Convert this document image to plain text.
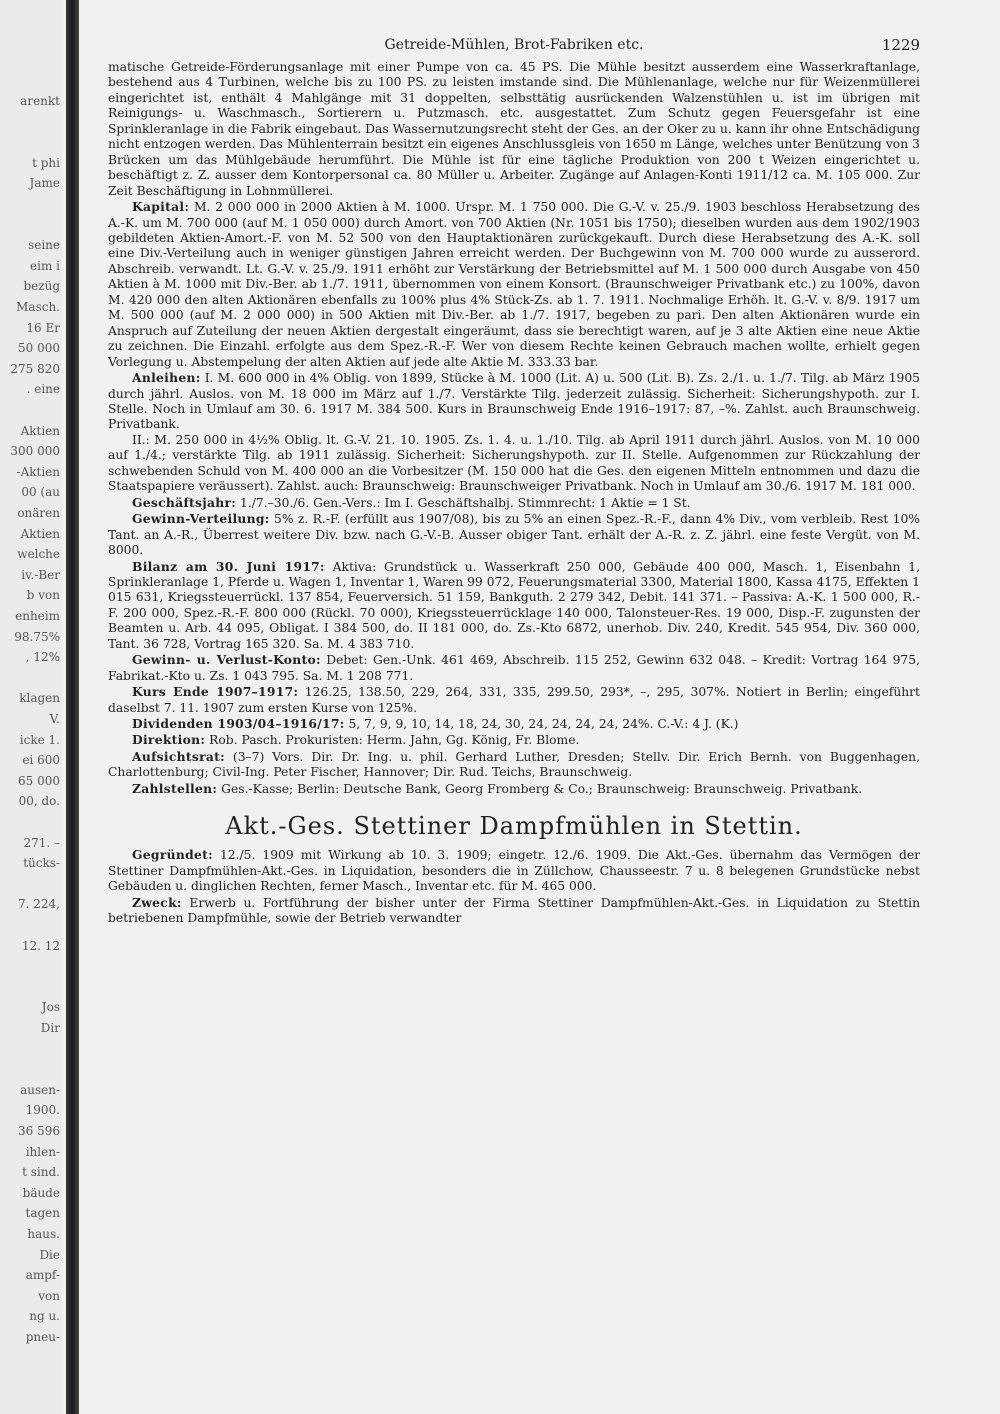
arenkt
t phi
Jame
seine
eim i
bezüg
Masch.
16 Er
50 000
275 820
. eine
Aktien
300 000
-Aktien
00 (au
onären
Aktien
welche
iv.-Ber
b von
enheim
98.75%
, 12%
klagen
V.
icke 1.
ei 600
65 000
00, do.
271. –
tücks-
7. 224,
12. 12
Jos
Dir
ausen-
1900.
36 596
ihlen-
t sind.
bäude
tagen
haus.
Die
ampf-
von
ng u.
pneu-
Getreide-Mühlen, Brot-Fabriken etc.	1229

matische Getreide-Förderungsanlage mit einer Pumpe von ca. 45 PS. Die Mühle besitzt ausserdem eine Wasserkraftanlage, bestehend aus 4 Turbinen, welche bis zu 100 PS. zu leisten imstande sind. Die Mühlenanlage, welche nur für Weizenmüllerei eingerichtet ist, enthält 4 Mahlgänge mit 31 doppelten, selbsttätig ausrückenden Walzenstühlen u. ist im übrigen mit Reinigungs- u. Waschmasch., Sortierern u. Putzmasch. etc. ausgestattet. Zum Schutz gegen Feuersgefahr ist eine Sprinkleranlage in die Fabrik eingebaut. Das Wassernutzungsrecht steht der Ges. an der Oker zu u. kann ihr ohne Entschädigung nicht entzogen werden. Das Mühlenterrain besitzt ein eigenes Anschlussgleis von 1650 m Länge, welches unter Benützung von 3 Brücken um das Mühlgebäude herumführt. Die Mühle ist für eine tägliche Produktion von 200 t Weizen eingerichtet u. beschäftigt z. Z. ausser dem Kontorpersonal ca. 80 Müller u. Arbeiter. Zugänge auf Anlagen-Konti 1911/12 ca. M. 105 000. Zur Zeit Beschäftigung in Lohnmüllerei.

Kapital: M. 2 000 000 in 2000 Aktien à M. 1000. Urspr. M. 1 750 000. Die G.-V. v. 25./9. 1903 beschloss Herabsetzung des A.-K. um M. 700 000 (auf M. 1 050 000) durch Amort. von 700 Aktien (Nr. 1051 bis 1750); dieselben wurden aus dem 1902/1903 gebildeten Aktien-Amort.-F. von M. 52 500 von den Hauptaktionären zurückgekauft. Durch diese Herabsetzung des A.-K. soll eine Div.-Verteilung auch in weniger günstigen Jahren erreicht werden. Der Buchgewinn von M. 700 000 wurde zu ausserord. Abschreib. verwandt. Lt. G.-V. v. 25./9. 1911 erhöht zur Verstärkung der Betriebsmittel auf M. 1 500 000 durch Ausgabe von 450 Aktien à M. 1000 mit Div.-Ber. ab 1./7. 1911, übernommen von einem Konsort. (Braunschweiger Privatbank etc.) zu 100%, davon M. 420 000 den alten Aktionären ebenfalls zu 100% plus 4% Stück-Zs. ab 1. 7. 1911. Nochmalige Erhöh. lt. G.-V. v. 8/9. 1917 um M. 500 000 (auf M. 2 000 000) in 500 Aktien mit Div.-Ber. ab 1./7. 1917, begeben zu pari. Den alten Aktionären wurde ein Anspruch auf Zuteilung der neuen Aktien dergestalt eingeräumt, dass sie berechtigt waren, auf je 3 alte Aktien eine neue Aktie zu zeichnen. Die Einzahl. erfolgte aus dem Spez.-R.-F. Wer von diesem Rechte keinen Gebrauch machen wollte, erhielt gegen Vorlegung u. Abstempelung der alten Aktien auf jede alte Aktie M. 333.33 bar.

Anleihen: I. M. 600 000 in 4% Oblig. von 1899, Stücke à M. 1000 (Lit. A) u. 500 (Lit. B). Zs. 2./1. u. 1./7. Tilg. ab März 1905 durch jährl. Auslos. von M. 18 000 im März auf 1./7. Verstärkte Tilg. jederzeit zulässig. Sicherheit: Sicherungshypoth. zur I. Stelle. Noch in Umlauf am 30. 6. 1917 M. 384 500. Kurs in Braunschweig Ende 1916–1917: 87, –%. Zahlst. auch Braunschweig. Privatbank.

II.: M. 250 000 in 4½% Oblig. lt. G.-V. 21. 10. 1905. Zs. 1. 4. u. 1./10. Tilg. ab April 1911 durch jährl. Auslos. von M. 10 000 auf 1./4.; verstärkte Tilg. ab 1911 zulässig. Sicherheit: Sicherungshypoth. zur II. Stelle. Aufgenommen zur Rückzahlung der schwebenden Schuld von M. 400 000 an die Vorbesitzer (M. 150 000 hat die Ges. den eigenen Mitteln entnommen und dazu die Staatspapiere veräussert). Zahlst. auch: Braunschweig: Braunschweiger Privatbank. Noch in Umlauf am 30./6. 1917 M. 181 000.

Geschäftsjahr: 1./7.–30./6. Gen.-Vers.: Im I. Geschäftshalbj. Stimmrecht: 1 Aktie = 1 St.

Gewinn-Verteilung: 5% z. R.-F. (erfüllt aus 1907/08), bis zu 5% an einen Spez.-R.-F., dann 4% Div., vom verbleib. Rest 10% Tant. an A.-R., Überrest weitere Div. bzw. nach G.-V.-B. Ausser obiger Tant. erhält der A.-R. z. Z. jährl. eine feste Vergüt. von M. 8000.

Bilanz am 30. Juni 1917: Aktiva: Grundstück u. Wasserkraft 250 000, Gebäude 400 000, Masch. 1, Eisenbahn 1, Sprinkleranlage 1, Pferde u. Wagen 1, Inventar 1, Waren 99 072, Feuerungsmaterial 3300, Material 1800, Kassa 4175, Effekten 1 015 631, Kriegssteuerrückl. 137 854, Feuerversich. 51 159, Bankguth. 2 279 342, Debit. 141 371. – Passiva: A.-K. 1 500 000, R.-F. 200 000, Spez.-R.-F. 800 000 (Rückl. 70 000), Kriegssteuerrücklage 140 000, Talonsteuer-Res. 19 000, Disp.-F. zugunsten der Beamten u. Arb. 44 095, Obligat. I 384 500, do. II 181 000, do. Zs.-Kto 6872, unerhob. Div. 240, Kredit. 545 954, Div. 360 000, Tant. 36 728, Vortrag 165 320. Sa. M. 4 383 710.

Gewinn- u. Verlust-Konto: Debet: Gen.-Unk. 461 469, Abschreib. 115 252, Gewinn 632 048. – Kredit: Vortrag 164 975, Fabrikat.-Kto u. Zs. 1 043 795. Sa. M. 1 208 771.

Kurs Ende 1907–1917: 126.25, 138.50, 229, 264, 331, 335, 299.50, 293*, –, 295, 307%. Notiert in Berlin; eingeführt daselbst 7. 11. 1907 zum ersten Kurse von 125%.

Dividenden 1903/04–1916/17: 5, 7, 9, 9, 10, 14, 18, 24, 30, 24, 24, 24, 24, 24%. C.-V.: 4 J. (K.)

Direktion: Rob. Pasch. Prokuristen: Herm. Jahn, Gg. König, Fr. Blome.

Aufsichtsrat: (3–7) Vors. Dir. Dr. Ing. u. phil. Gerhard Luther, Dresden; Stellv. Dir. Erich Bernh. von Buggenhagen, Charlottenburg; Civil-Ing. Peter Fischer, Hannover; Dir. Rud. Teichs, Braunschweig.

Zahlstellen: Ges.-Kasse; Berlin: Deutsche Bank, Georg Fromberg & Co.; Braunschweig: Braunschweig. Privatbank.

Akt.-Ges. Stettiner Dampfmühlen in Stettin.

Gegründet: 12./5. 1909 mit Wirkung ab 10. 3. 1909; eingetr. 12./6. 1909. Die Akt.-Ges. übernahm das Vermögen der Stettiner Dampfmühlen-Akt.-Ges. in Liquidation, besonders die in Züllchow, Chausseestr. 7 u. 8 belegenen Grundstücke nebst Gebäuden u. dinglichen Rechten, ferner Masch., Inventar etc. für M. 465 000.

Zweck: Erwerb u. Fortführung der bisher unter der Firma Stettiner Dampfmühlen-Akt.-Ges. in Liquidation zu Stettin betriebenen Dampfmühle, sowie der Betrieb verwandter
